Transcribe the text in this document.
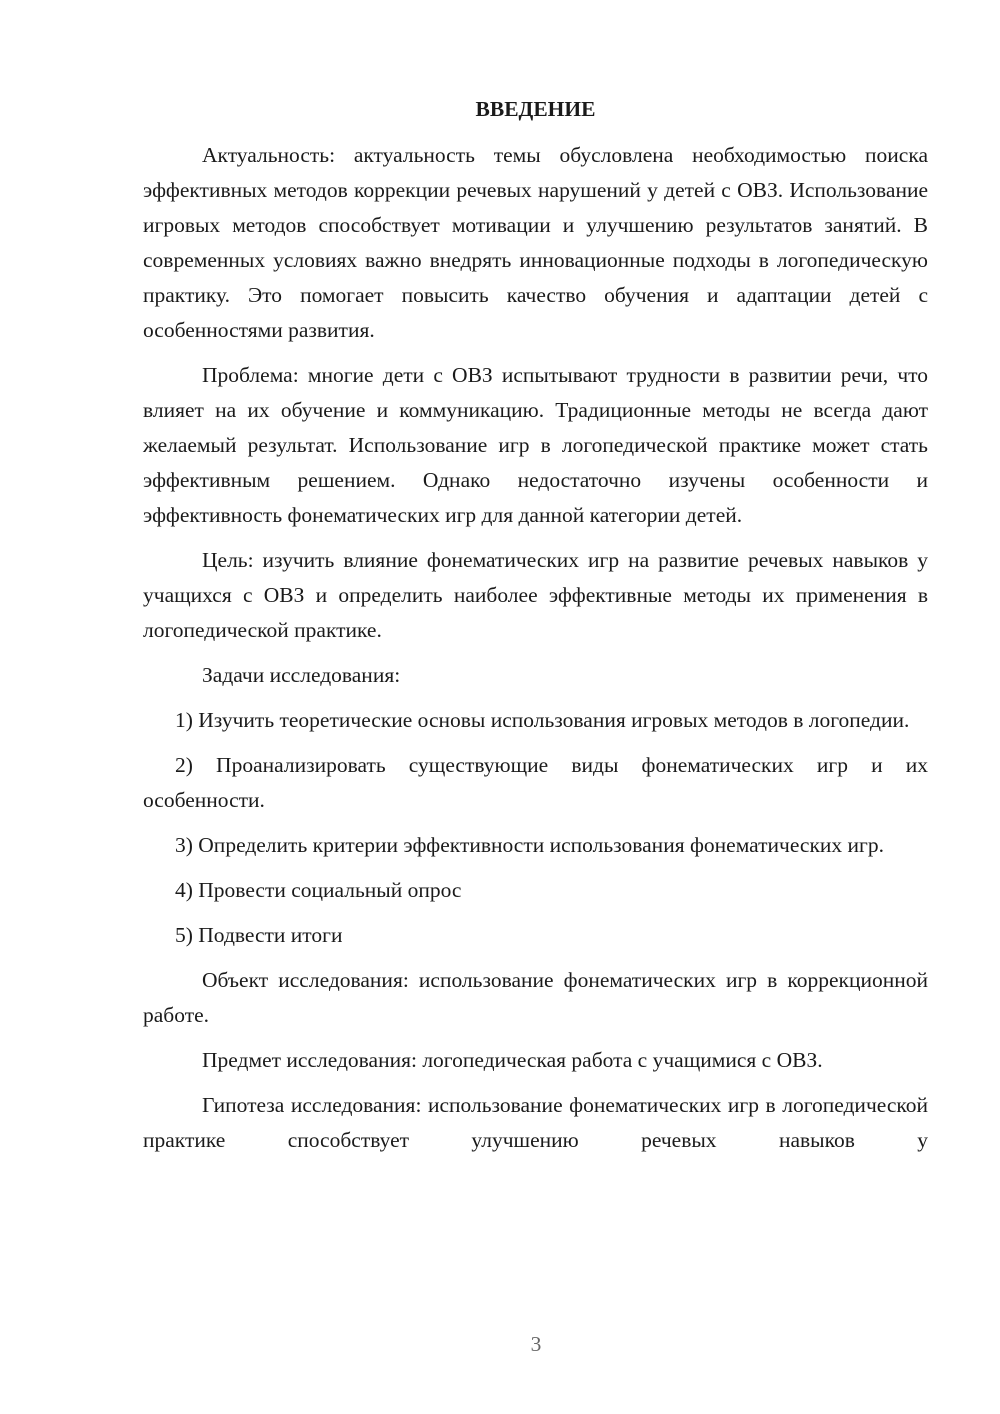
ВВЕДЕНИЕ

Актуальность: актуальность темы обусловлена необходимостью поиска эффективных методов коррекции речевых нарушений у детей с ОВЗ. Использование игровых методов способствует мотивации и улучшению результатов занятий. В современных условиях важно внедрять инновационные подходы в логопедическую практику. Это помогает повысить качество обучения и адаптации детей с особенностями развития.

Проблема: многие дети с ОВЗ испытывают трудности в развитии речи, что влияет на их обучение и коммуникацию. Традиционные методы не всегда дают желаемый результат. Использование игр в логопедической практике может стать эффективным решением. Однако недостаточно изучены особенности и эффективность фонематических игр для данной категории детей.

Цель: изучить влияние фонематических игр на развитие речевых навыков у учащихся с ОВЗ и определить наиболее эффективные методы их применения в логопедической практике.

Задачи исследования:

1) Изучить теоретические основы использования игровых методов в логопедии.

2) Проанализировать существующие виды фонематических игр и их особенности.

3) Определить критерии эффективности использования фонематических игр.

4) Провести социальный опрос

5) Подвести итоги

Объект исследования: использование фонематических игр в коррекционной работе.

Предмет исследования: логопедическая работа с учащимися с ОВЗ.

Гипотеза исследования: использование фонематических игр в логопедической практике способствует улучшению речевых навыков у

3
